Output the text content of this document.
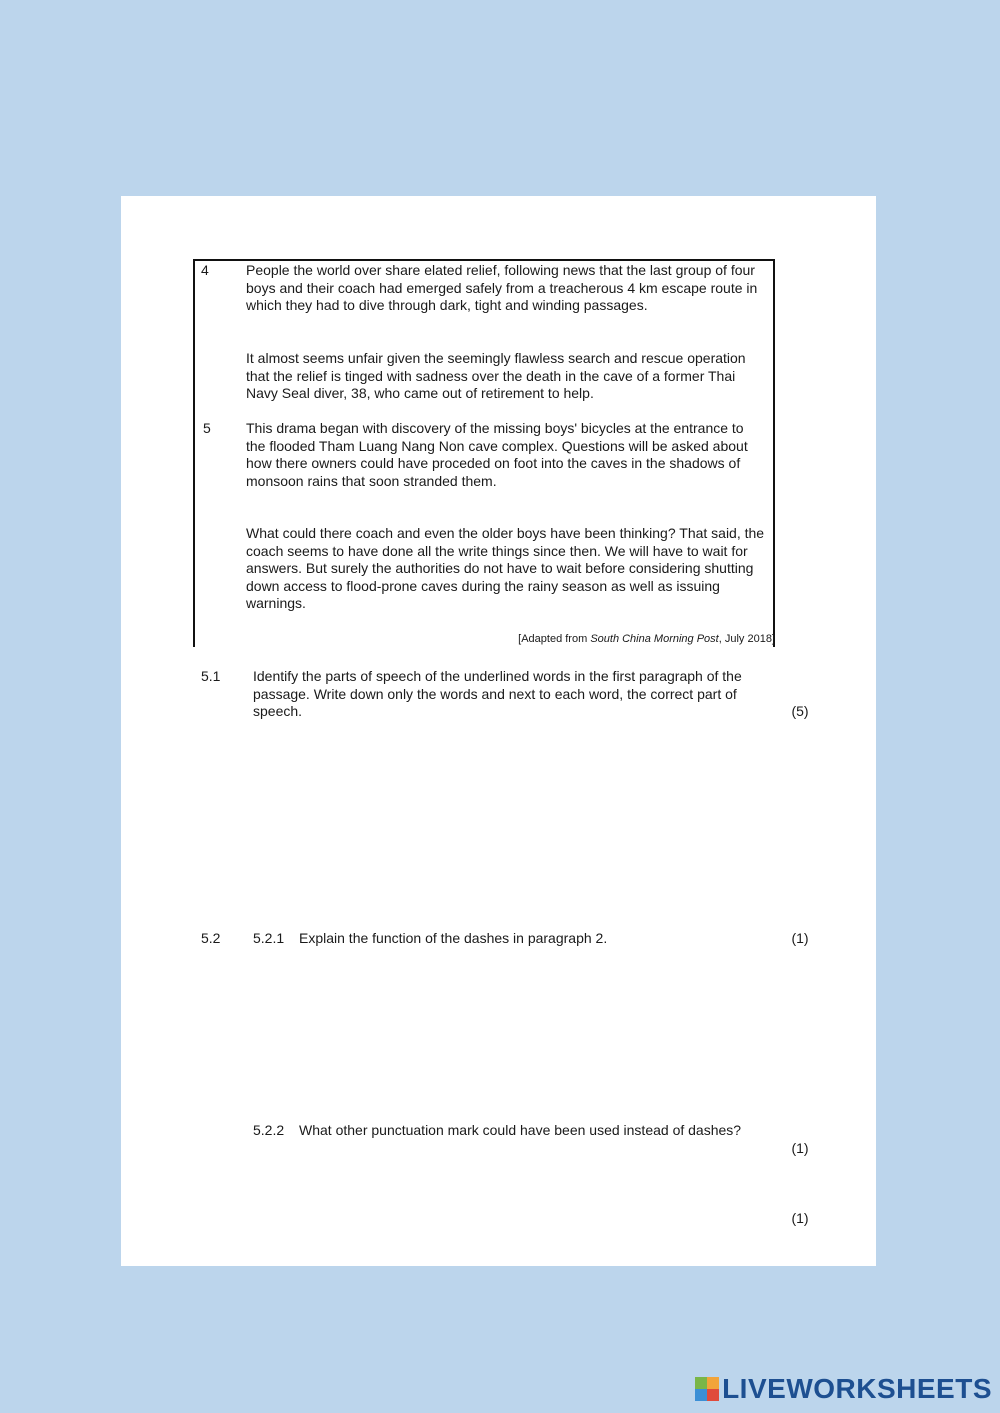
4	People the world over share elated relief, following news that the last group of four boys and their coach had emerged safely from a treacherous 4 km escape route in which they had to dive through dark, tight and winding passages.

It almost seems unfair given the seemingly flawless search and rescue operation that the relief is tinged with sadness over the death in the cave of a former Thai Navy Seal diver, 38, who came out of retirement to help.

5	This drama began with discovery of the missing boys' bicycles at the entrance to the flooded Tham Luang Nang Non cave complex. Questions will be asked about how there owners could have proceded on foot into the caves in the shadows of monsoon rains that soon stranded them.

What could there coach and even the older boys have been thinking? That said, the coach seems to have done all the write things since then. We will have to wait for answers. But surely the authorities do not have to wait before considering shutting down access to flood-prone caves during the rainy season as well as issuing warnings.

[Adapted from South China Morning Post, July 2018]
5.1 Identify the parts of speech of the underlined words in the first paragraph of the passage. Write down only the words and next to each word, the correct part of speech.	(5)
5.2 5.2.1 Explain the function of the dashes in paragraph 2.	(1)
5.2.2 What other punctuation mark could have been used instead of dashes?

(1)
(1)
LIVEWORKSHEETS
